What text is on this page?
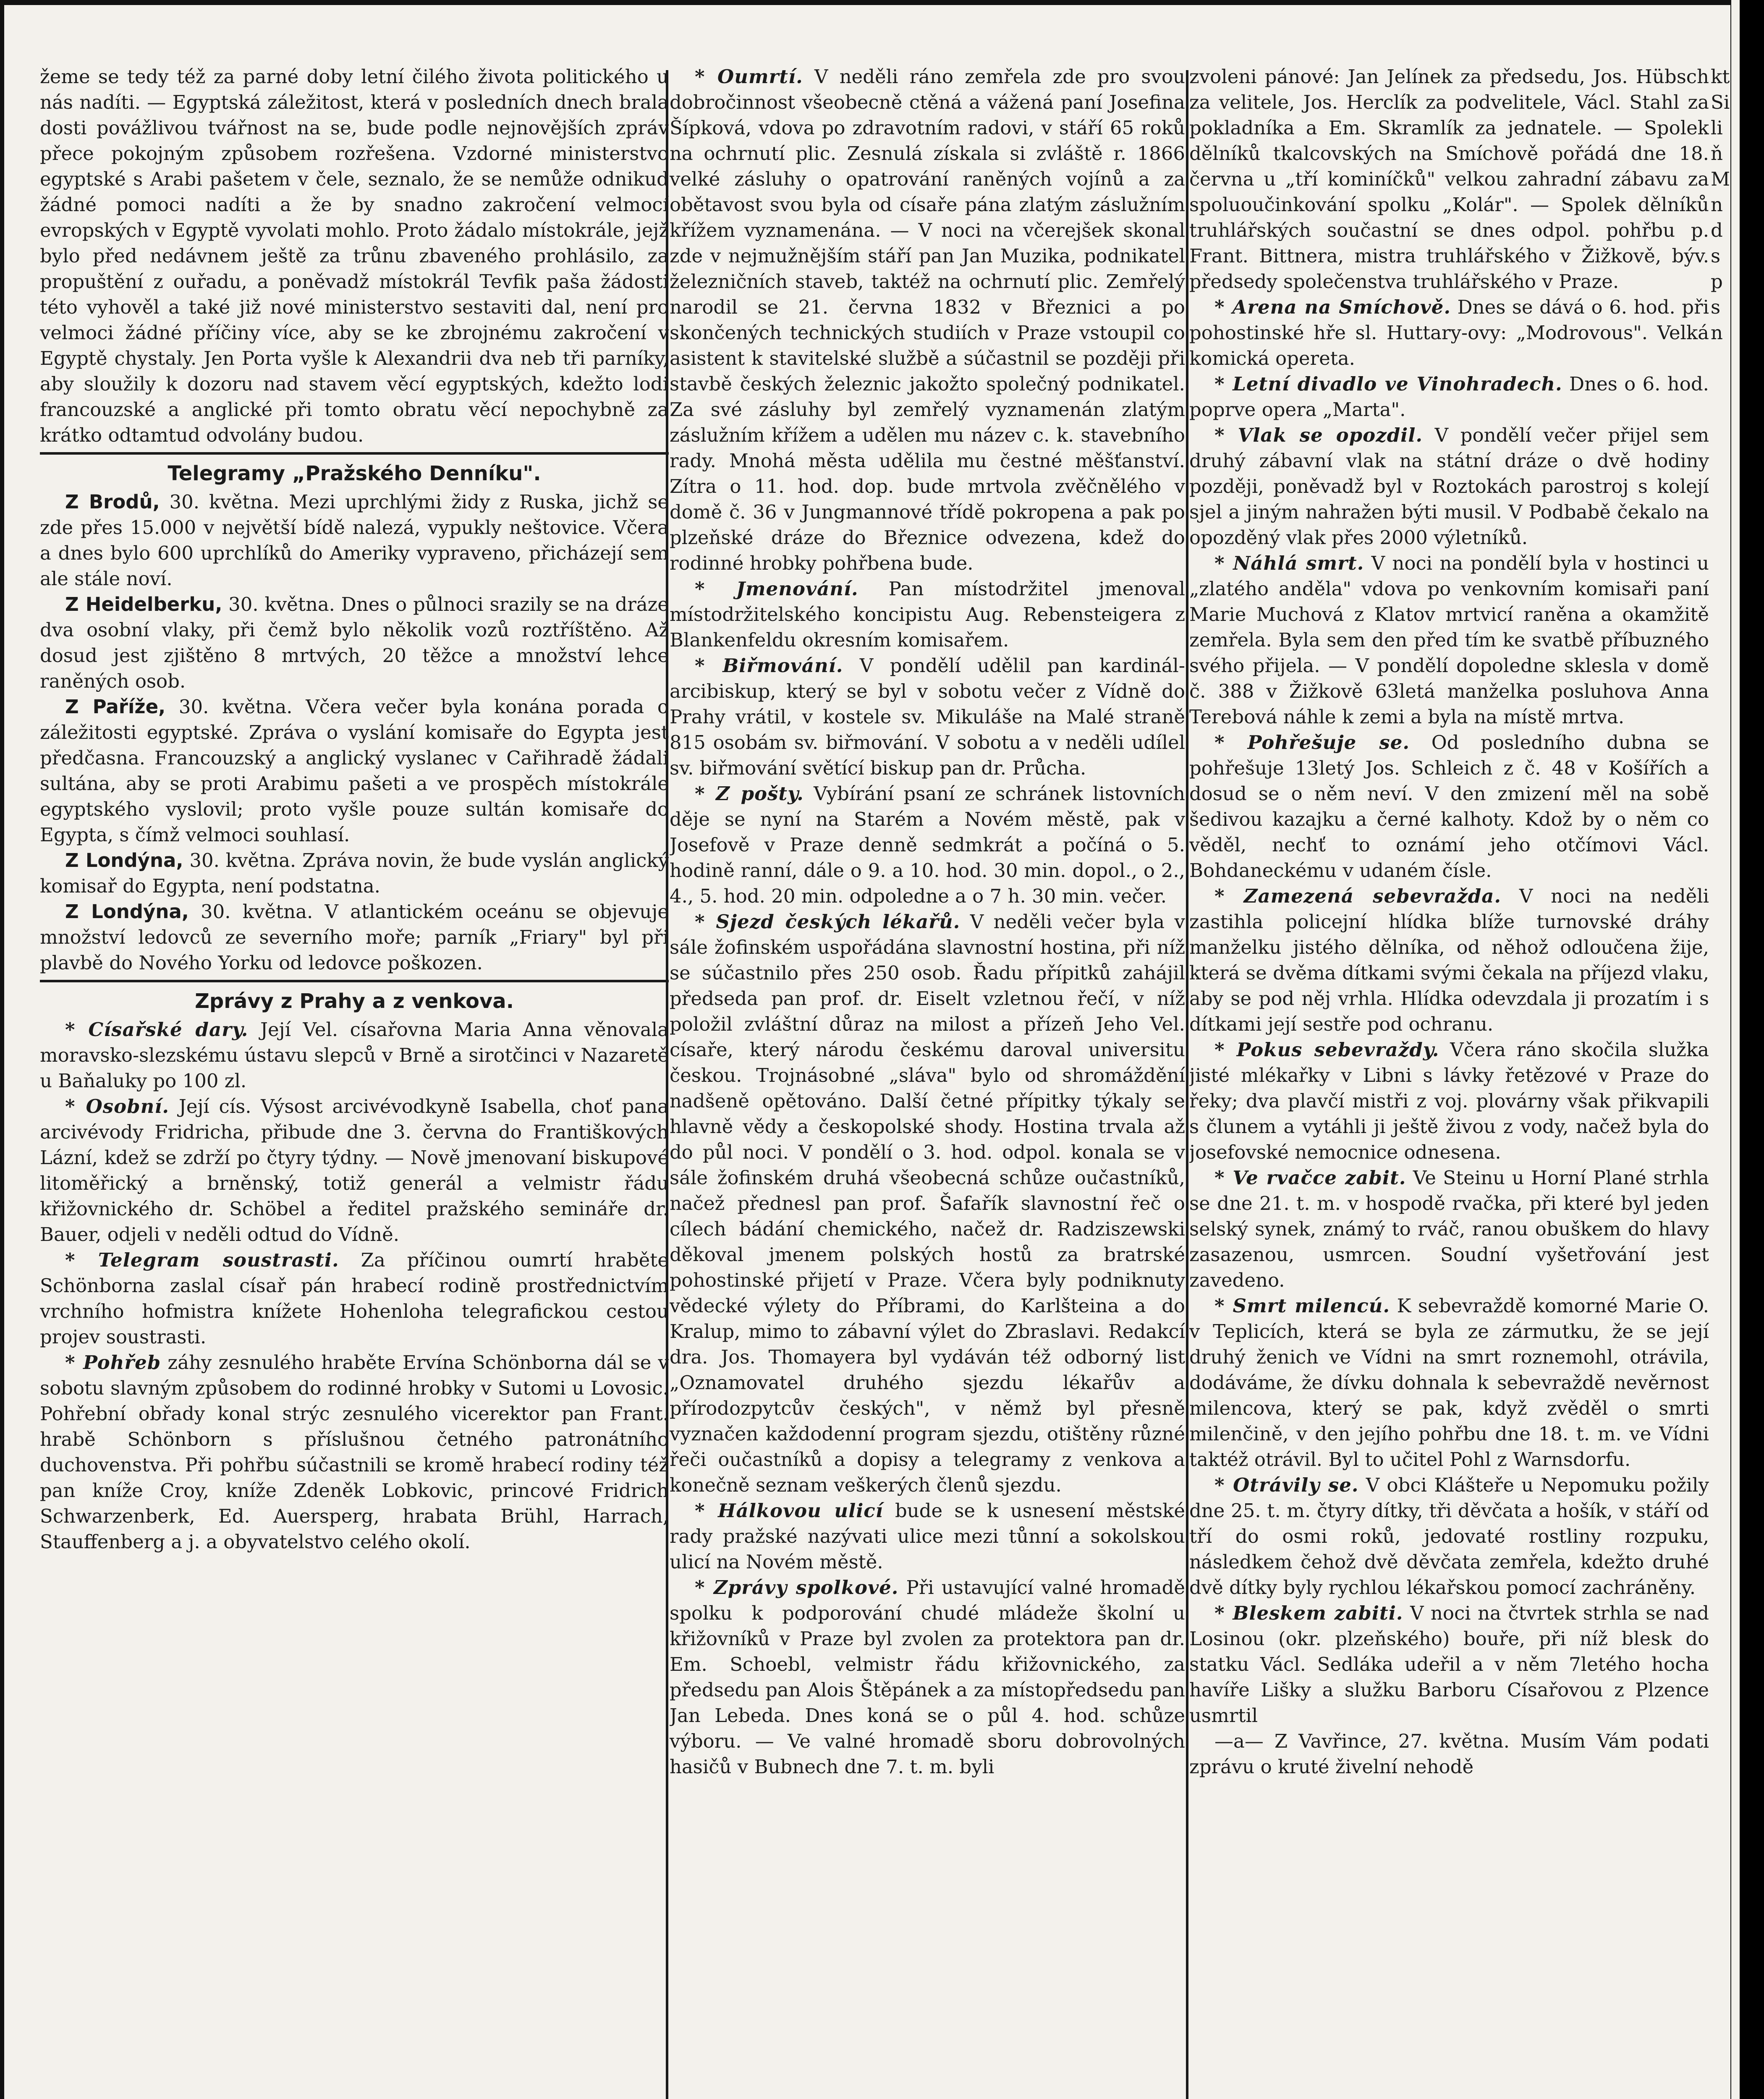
žeme se tedy též za parné doby letní čilého života politického u nás nadíti. — Egyptská záležitost, která v posledních dnech brala dosti povážlivou tvářnost na se, bude podle nejnovějších zpráv přece pokojným způsobem rozřešena. Vzdorné ministerstvo egyptské s Arabi pašetem v čele, seznalo, že se nemůže odnikud žádné pomoci nadíti a že by snadno zakročení velmocí evropských v Egyptě vyvolati mohlo. Proto žádalo místokrále, jejž bylo před nedávnem ještě za trůnu zbaveného prohlásilo, za propuštění z ouřadu, a poněvadž místokrál Tevfik paša žádosti této vyhověl a také již nové ministerstvo sestaviti dal, není pro velmoci žádné příčiny více, aby se ke zbrojnému zakročení v Egyptě chystaly. Jen Porta vyšle k Alexandrii dva neb tři parníky, aby sloužily k dozoru nad stavem věcí egyptských, kdežto lodi francouzské a anglické při tomto obratu věcí nepochybně za krátko odtamtud odvolány budou.

Telegramy „Pražského Denníku".

Z Brodů, 30. května. Mezi uprchlými židy z Ruska, jichž se zde přes 15.000 v největší bídě nalezá, vypukly neštovice. Včera a dnes bylo 600 uprchlíků do Ameriky vypraveno, přicházejí sem ale stále noví.

Z Heidelberku, 30. května. Dnes o půlnoci srazily se na dráze dva osobní vlaky, při čemž bylo několik vozů roztříštěno. Až dosud jest zjištěno 8 mrtvých, 20 těžce a množství lehce raněných osob.

Z Paříže, 30. května. Včera večer byla konána porada o záležitosti egyptské. Zpráva o vyslání komisaře do Egypta jest předčasna. Francouzský a anglický vyslanec v Cařihradě žádali sultána, aby se proti Arabimu pašeti a ve prospěch místokrále egyptského vyslovil; proto vyšle pouze sultán komisaře do Egypta, s čímž velmoci souhlasí.

Z Londýna, 30. května. Zpráva novin, že bude vyslán anglický komisař do Egypta, není podstatna.

Z Londýna, 30. května. V atlantickém oceánu se objevuje množství ledovců ze severního moře; parník „Friary" byl při plavbě do Nového Yorku od ledovce poškozen.

Zprávy z Prahy a z venkova.

* Císařské dary. Její Vel. císařovna Maria Anna věnovala moravsko-slezskému ústavu slepců v Brně a sirotčinci v Nazaretě u Baňaluky po 100 zl.

* Osobní. Její cís. Výsost arcivévodkyně Isabella, choť pana arcivévody Fridricha, přibude dne 3. června do Františkových Lázní, kdež se zdrží po čtyry týdny. — Nově jmenovaní biskupové litoměřický a brněnský, totiž generál a velmistr řádu křižovnického dr. Schöbel a ředitel pražského semináře dr. Bauer, odjeli v neděli odtud do Vídně.

* Telegram soustrasti. Za příčinou oumrtí hraběte Schönborna zaslal císař pán hrabecí rodině prostřednictvím vrchního hofmistra knížete Hohenloha telegrafickou cestou projev soustrasti.

* Pohřeb záhy zesnulého hraběte Ervína Schönborna dál se v sobotu slavným způsobem do rodinné hrobky v Sutomi u Lovosic. Pohřební obřady konal strýc zesnulého vicerektor pan Frant. hrabě Schönborn s příslušnou četného patronátního duchovenstva. Při pohřbu súčastnili se kromě hrabecí rodiny též pan kníže Croy, kníže Zdeněk Lobkovic, princové Fridrich Schwarzenberk, Ed. Auersperg, hrabata Brühl, Harrach, Stauffenberg a j. a obyvatelstvo celého okolí.

* Oumrtí. V neděli ráno zemřela zde pro svou dobročinnost všeobecně ctěná a vážená paní Josefina Šípková, vdova po zdravotním radovi, v stáří 65 roků na ochrnutí plic. Zesnulá získala si zvláště r. 1866 velké zásluhy o opatrování raněných vojínů a za obětavost svou byla od císaře pána zlatým záslužním křížem vyznamenána. — V noci na včerejšek skonal zde v nejmužnějším stáří pan Jan Muzika, podnikatel železničních staveb, taktéž na ochrnutí plic. Zemřelý narodil se 21. června 1832 v Březnici a po skončených technických studiích v Praze vstoupil co asistent k stavitelské službě a súčastnil se později při stavbě českých železnic jakožto společný podnikatel. Za své zásluhy byl zemřelý vyznamenán zlatým záslužním křížem a udělen mu název c. k. stavebního rady. Mnohá města udělila mu čestné měšťanství. Zítra o 11. hod. dop. bude mrtvola zvěčnělého v domě č. 36 v Jungmannové třídě pokropena a pak po plzeňské dráze do Březnice odvezena, kdež do rodinné hrobky pohřbena bude.

* Jmenování. Pan místodržitel jmenoval místodržitelského koncipistu Aug. Rebensteigera z Blankenfeldu okresním komisařem.

* Biřmování. V pondělí udělil pan kardinál-arcibiskup, který se byl v sobotu večer z Vídně do Prahy vrátil, v kostele sv. Mikuláše na Malé straně 815 osobám sv. biřmování. V sobotu a v neděli udílel sv. biřmování světící biskup pan dr. Průcha.

* Z pošty. Vybírání psaní ze schránek listovních děje se nyní na Starém a Novém městě, pak v Josefově v Praze denně sedmkrát a počíná o 5. hodině ranní, dále o 9. a 10. hod. 30 min. dopol., o 2., 4., 5. hod. 20 min. odpoledne a o 7 h. 30 min. večer.

* Sjezd českých lékařů. V neděli večer byla v sále žofinském uspořádána slavnostní hostina, při níž se súčastnilo přes 250 osob. Řadu přípitků zahájil předseda pan prof. dr. Eiselt vzletnou řečí, v níž položil zvláštní důraz na milost a přízeň Jeho Vel. císaře, který národu českému daroval universitu českou. Trojnásobné „sláva" bylo od shromáždění nadšeně opětováno. Další četné přípitky týkaly se hlavně vědy a českopolské shody. Hostina trvala až do půl noci. V pondělí o 3. hod. odpol. konala se v sále žofinském druhá všeobecná schůze oučastníků, načež přednesl pan prof. Šafařík slavnostní řeč o cílech bádání chemického, načež dr. Radziszewski děkoval jmenem polských hostů za bratrské pohostinské přijetí v Praze. Včera byly podniknuty vědecké výlety do Příbrami, do Karlšteina a do Kralup, mimo to zábavní výlet do Zbraslavi. Redakcí dra. Jos. Thomayera byl vydáván též odborný list „Oznamovatel druhého sjezdu lékařův a přírodozpytcův českých", v němž byl přesně vyznačen každodenní program sjezdu, otištěny různé řeči oučastníků a dopisy a telegramy z venkova a konečně seznam veškerých členů sjezdu.

* Hálkovou ulicí bude se k usnesení městské rady pražské nazývati ulice mezi tůnní a sokolskou ulicí na Novém městě.

* Zprávy spolkové. Při ustavující valné hromadě spolku k podporování chudé mládeže školní u křižovníků v Praze byl zvolen za protektora pan dr. Em. Schoebl, velmistr řádu křižovnického, za předsedu pan Alois Štěpánek a za místopředsedu pan Jan Lebeda. Dnes koná se o půl 4. hod. schůze výboru. — Ve valné hromadě sboru dobrovolných hasičů v Bubnech dne 7. t. m. byli

zvoleni pánové: Jan Jelínek za předsedu, Jos. Hübsch za velitele, Jos. Herclík za podvelitele, Václ. Stahl za pokladníka a Em. Skramlík za jednatele. — Spolek dělníků tkalcovských na Smíchově pořádá dne 18. června u „tří kominíčků" velkou zahradní zábavu za spoluoučinkování spolku „Kolár". — Spolek dělníků truhlářských součastní se dnes odpol. pohřbu p. Frant. Bittnera, mistra truhlářského v Žižkově, býv. předsedy společenstva truhlářského v Praze.

* Arena na Smíchově. Dnes se dává o 6. hod. při pohostinské hře sl. Huttary-ovy: „Modrovous". Velká komická opereta.

* Letní divadlo ve Vinohradech. Dnes o 6. hod. poprve opera „Marta".

* Vlak se opozdil. V pondělí večer přijel sem druhý zábavní vlak na státní dráze o dvě hodiny později, poněvadž byl v Roztokách parostroj s kolejí sjel a jiným nahražen býti musil. V Podbabě čekalo na opozděný vlak přes 2000 výletníků.

* Náhlá smrt. V noci na pondělí byla v hostinci u „zlatého anděla" vdova po venkovním komisaři paní Marie Muchová z Klatov mrtvicí raněna a okamžitě zemřela. Byla sem den před tím ke svatbě příbuzného svého přijela. — V pondělí dopoledne sklesla v domě č. 388 v Žižkově 63letá manželka posluhova Anna Terebová náhle k zemi a byla na místě mrtva.

* Pohřešuje se. Od posledního dubna se pohřešuje 13letý Jos. Schleich z č. 48 v Košířích a dosud se o něm neví. V den zmizení měl na sobě šedivou kazajku a černé kalhoty. Kdož by o něm co věděl, nechť to oznámí jeho otčímovi Václ. Bohdaneckému v udaném čísle.

* Zamezená sebevražda. V noci na neděli zastihla policejní hlídka blíže turnovské dráhy manželku jistého dělníka, od něhož odloučena žije, která se dvěma dítkami svými čekala na příjezd vlaku, aby se pod něj vrhla. Hlídka odevzdala ji prozatím i s dítkami její sestře pod ochranu.

* Pokus sebevraždy. Včera ráno skočila služka jisté mlékařky v Libni s lávky řetězové v Praze do řeky; dva plavčí mistři z voj. plovárny však přikvapili s člunem a vytáhli ji ještě živou z vody, načež byla do josefovské nemocnice odnesena.

* Ve rvačce zabit. Ve Steinu u Horní Plané strhla se dne 21. t. m. v hospodě rvačka, při které byl jeden selský synek, známý to rváč, ranou obuškem do hlavy zasazenou, usmrcen. Soudní vyšetřování jest zavedeno.

* Smrt milencú. K sebevraždě komorné Marie O. v Teplicích, která se byla ze zármutku, že se její druhý ženich ve Vídni na smrt roznemohl, otrávila, dodáváme, že dívku dohnala k sebevraždě nevěrnost milencova, který se pak, když zvěděl o smrti milenčině, v den jejího pohřbu dne 18. t. m. ve Vídni taktéž otrávil. Byl to učitel Pohl z Warnsdorfu.

* Otrávily se. V obci Klášteře u Nepomuku požily dne 25. t. m. čtyry dítky, tři děvčata a hošík, v stáří od tří do osmi roků, jedovaté rostliny rozpuku, následkem čehož dvě děvčata zemřela, kdežto druhé dvě dítky byly rychlou lékařskou pomocí zachráněny.

* Bleskem zabiti. V noci na čtvrtek strhla se nad Losinou (okr. plzeňského) bouře, při níž blesk do statku Václ. Sedláka udeřil a v něm 7letého hocha havíře Lišky a služku Barboru Císařovou z Plzence usmrtil

—a— Z Vavřince, 27. května. Musím Vám podati zprávu o kruté živelní nehodě

kt
Si
li
ň
M
n
d
s
p
s
n
